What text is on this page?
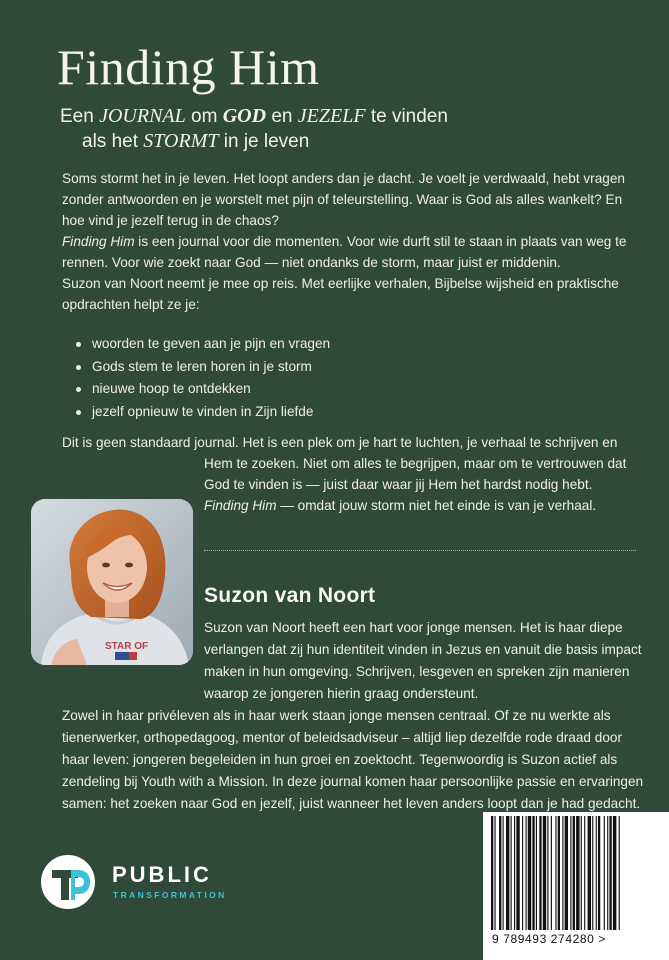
Finding Him
Een JOURNAL om GOD en JEZELF te vinden
als het STORMT in je leven

Soms stormt het in je leven. Het loopt anders dan je dacht. Je voelt je verdwaald, hebt vragen zonder antwoorden en je worstelt met pijn of teleurstelling. Waar is God als alles wankelt? En hoe vind je jezelf terug in de chaos?

Finding Him is een journal voor die momenten. Voor wie durft stil te staan in plaats van weg te rennen. Voor wie zoekt naar God — niet ondanks de storm, maar juist er middenin.

Suzon van Noort neemt je mee op reis. Met eerlijke verhalen, Bijbelse wijsheid en praktische opdrachten helpt ze je:

woorden te geven aan je pijn en vragen
Gods stem te leren horen in je storm
nieuwe hoop te ontdekken
jezelf opnieuw te vinden in Zijn liefde
Dit is geen standaard journal. Het is een plek om je hart te luchten, je verhaal te schrijven en
Hem te zoeken. Niet om alles te begrijpen, maar om te vertrouwen dat God te vinden is — juist daar waar jij Hem het hardst nodig hebt.
Finding Him — omdat jouw storm niet het einde is van je verhaal.
STAR OF
Suzon van Noort

Suzon van Noort heeft een hart voor jonge mensen. Het is haar diepe verlangen dat zij hun identiteit vinden in Jezus en vanuit die basis impact maken in hun omgeving. Schrijven, lesgeven en spreken zijn manieren waarop ze jongeren hierin graag ondersteunt.

Zowel in haar privéleven als in haar werk staan jonge mensen centraal. Of ze nu werkte als tienerwerker, orthopedagoog, mentor of beleidsadviseur – altijd liep dezelfde rode draad door haar leven: jongeren begeleiden in hun groei en zoektocht. Tegenwoordig is Suzon actief als zendeling bij Youth with a Mission. In deze journal komen haar persoonlijke passie en ervaringen samen: het zoeken naar God en jezelf, juist wanneer het leven anders loopt dan je had gedacht.

PUBLIC
TRANSFORMATION
9 789493 274280 >
